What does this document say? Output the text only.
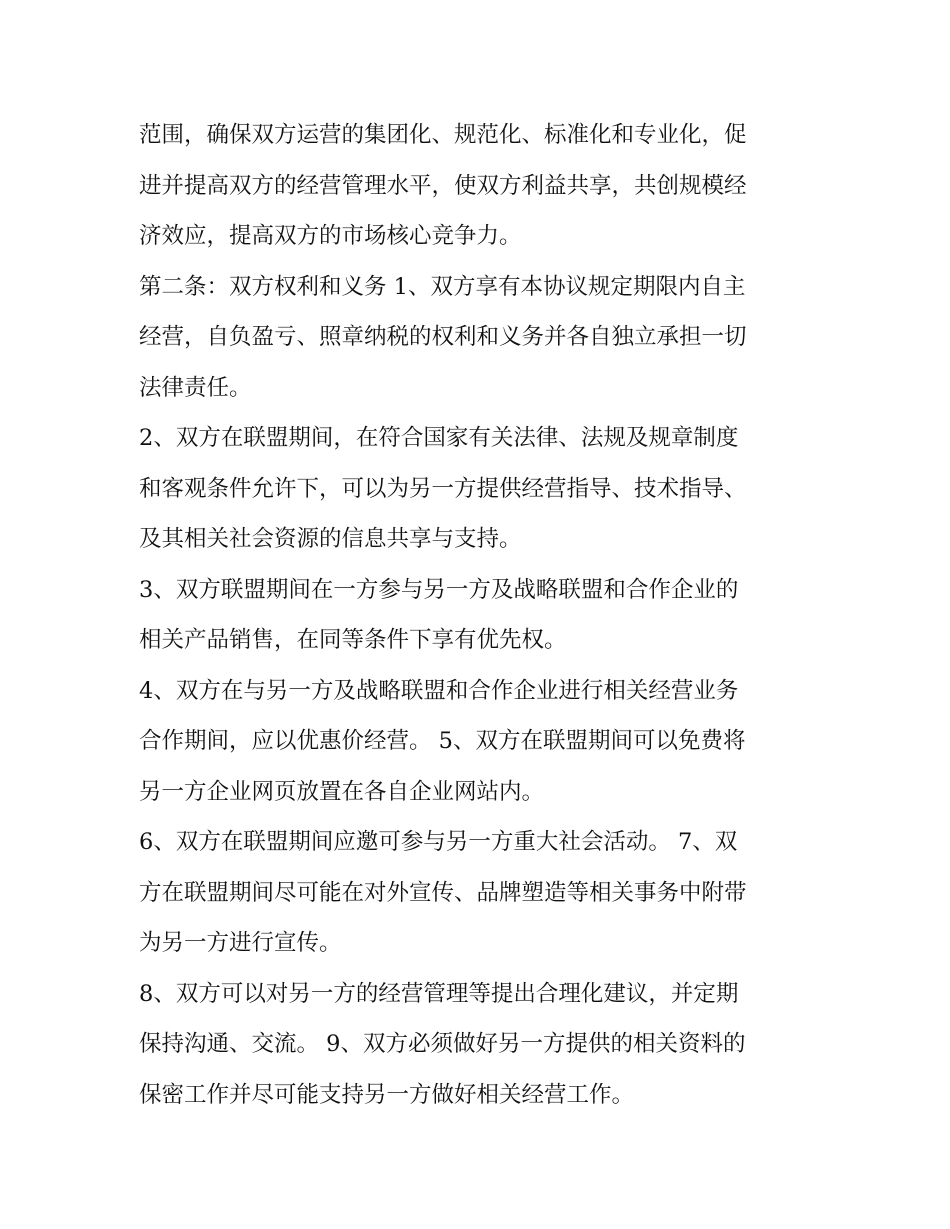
范围，确保双方运营的集团化、规范化、标准化和专业化，促
进并提高双方的经营管理水平，使双方利益共享，共创规模经
济效应，提高双方的市场核心竞争力。

第二条：双方权利和义务 1、双方享有本协议规定期限内自主
经营，自负盈亏、照章纳税的权利和义务并各自独立承担一切
法律责任。

2、双方在联盟期间，在符合国家有关法律、法规及规章制度
和客观条件允许下，可以为另一方提供经营指导、技术指导、
及其相关社会资源的信息共享与支持。

3、双方联盟期间在一方参与另一方及战略联盟和合作企业的
相关产品销售，在同等条件下享有优先权。

4、双方在与另一方及战略联盟和合作企业进行相关经营业务
合作期间，应以优惠价经营。 5、双方在联盟期间可以免费将
另一方企业网页放置在各自企业网站内。

6、双方在联盟期间应邀可参与另一方重大社会活动。 7、双
方在联盟期间尽可能在对外宣传、品牌塑造等相关事务中附带
为另一方进行宣传。

8、双方可以对另一方的经营管理等提出合理化建议，并定期
保持沟通、交流。 9、双方必须做好另一方提供的相关资料的
保密工作并尽可能支持另一方做好相关经营工作。
